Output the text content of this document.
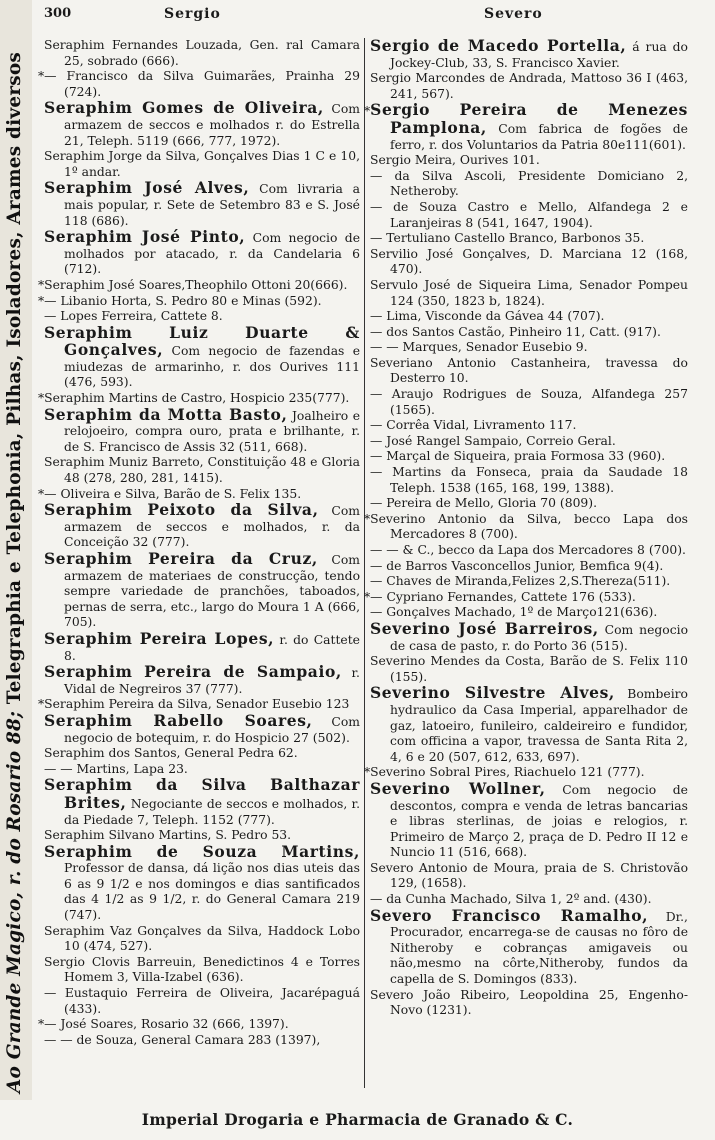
Ao Grande Magico, r. do Rosario 88; Telegraphia e Telephonia, Pilhas, Isoladores, Arames diversos
300	Sergio	Severo
Seraphim Fernandes Louzada, Gen. ral Camara 25, sobrado (666).
*— Francisco da Silva Guimarães, Prainha 29 (724).
Seraphim Gomes de Oliveira, Com armazem de seccos e molhados r. do Estrella 21, Teleph. 5119 (666, 777, 1972).
Seraphim Jorge da Silva, Gonçalves Dias 1 C e 10, 1º andar.
Seraphim José Alves, Com livraria a mais popular, r. Sete de Setembro 83 e S. José 118 (686).
Seraphim José Pinto, Com negocio de molhados por atacado, r. da Candelaria 6 (712).
*Seraphim José Soares,Theophilo Ottoni 20(666).
*— Libanio Horta, S. Pedro 80 e Minas (592).
— Lopes Ferreira, Cattete 8.
Seraphim Luiz Duarte & Gonçalves, Com negocio de fazendas e miudezas de armarinho, r. dos Ourives 111 (476, 593).
*Seraphim Martins de Castro, Hospicio 235(777).
Seraphim da Motta Basto, Joalheiro e relojoeiro, compra ouro, prata e brilhante, r. de S. Francisco de Assis 32 (511, 668).
Seraphim Muniz Barreto, Constituição 48 e Gloria 48 (278, 280, 281, 1415).
*— Oliveira e Silva, Barão de S. Felix 135.
Seraphim Peixoto da Silva, Com armazem de seccos e molhados, r. da Conceição 32 (777).
Seraphim Pereira da Cruz, Com armazem de materiaes de construcção, tendo sempre variedade de pranchões, taboados, pernas de serra, etc., largo do Moura 1 A (666, 705).
Seraphim Pereira Lopes, r. do Cattete 8.
Seraphim Pereira de Sampaio, r. Vidal de Negreiros 37 (777).
*Seraphim Pereira da Silva, Senador Eusebio 123
Seraphim Rabello Soares, Com negocio de botequim, r. do Hospicio 27 (502).
Seraphim dos Santos, General Pedra 62.
— — Martins, Lapa 23.
Seraphim da Silva Balthazar Brites, Negociante de seccos e molhados, r. da Piedade 7, Teleph. 1152 (777).
Seraphim Silvano Martins, S. Pedro 53.
Seraphim de Souza Martins, Professor de dansa, dá lição nos dias uteis das 6 as 9 1/2 e nos domingos e dias santificados das 4 1/2 as 9 1/2, r. do General Camara 219 (747).
Seraphim Vaz Gonçalves da Silva, Haddock Lobo 10 (474, 527).
Sergio Clovis Barreuin, Benedictinos 4 e Torres Homem 3, Villa-Izabel (636).
— Eustaquio Ferreira de Oliveira, Jacarépaguá (433).
*— José Soares, Rosario 32 (666, 1397).
— — de Souza, General Camara 283 (1397),
Sergio de Macedo Portella, á rua do Jockey-Club, 33, S. Francisco Xavier.
Sergio Marcondes de Andrada, Mattoso 36 I (463, 241, 567).
*Sergio Pereira de Menezes Pamplona, Com fabrica de fogões de ferro, r. dos Voluntarios da Patria 80e111(601).
Sergio Meira, Ourives 101.
— da Silva Ascoli, Presidente Domiciano 2, Netheroby.
— de Souza Castro e Mello, Alfandega 2 e Laranjeiras 8 (541, 1647, 1904).
— Tertuliano Castello Branco, Barbonos 35.
Servilio José Gonçalves, D. Marciana 12 (168, 470).
Servulo José de Siqueira Lima, Senador Pompeu 124 (350, 1823 b, 1824).
— Lima, Visconde da Gávea 44 (707).
— dos Santos Castão, Pinheiro 11, Catt. (917).
— — Marques, Senador Eusebio 9.
Severiano Antonio Castanheira, travessa do Desterro 10.
— Araujo Rodrigues de Souza, Alfandega 257 (1565).
— Corrêa Vidal, Livramento 117.
— José Rangel Sampaio, Correio Geral.
— Marçal de Siqueira, praia Formosa 33 (960).
— Martins da Fonseca, praia da Saudade 18 Teleph. 1538 (165, 168, 199, 1388).
— Pereira de Mello, Gloria 70 (809).
*Severino Antonio da Silva, becco Lapa dos Mercadores 8 (700).
— — & C., becco da Lapa dos Mercadores 8 (700).
— de Barros Vasconcellos Junior, Bemfica 9(4).
— Chaves de Miranda,Felizes 2,S.Thereza(511).
*— Cypriano Fernandes, Cattete 176 (533).
— Gonçalves Machado, 1º de Março121(636).
Severino José Barreiros, Com negocio de casa de pasto, r. do Porto 36 (515).
Severino Mendes da Costa, Barão de S. Felix 110 (155).
Severino Silvestre Alves, Bombeiro hydraulico da Casa Imperial, apparelhador de gaz, latoeiro, funileiro, caldeireiro e fundidor, com officina a vapor, travessa de Santa Rita 2, 4, 6 e 20 (507, 612, 633, 697).
*Severino Sobral Pires, Riachuelo 121 (777).
Severino Wollner, Com negocio de descontos, compra e venda de letras bancarias e libras sterlinas, de joias e relogios, r. Primeiro de Março 2, praça de D. Pedro II 12 e Nuncio 11 (516, 668).
Severo Antonio de Moura, praia de S. Christovão 129, (1658).
— da Cunha Machado, Silva 1, 2º and. (430).
Severo Francisco Ramalho, Dr., Procurador, encarrega-se de causas no fôro de Nitheroby e cobranças amigaveis ou não,mesmo na côrte,Nitheroby, fundos da capella de S. Domingos (833).
Severo João Ribeiro, Leopoldina 25, Engenho-Novo (1231).
Imperial Drogaria e Pharmacia de Granado & C.
